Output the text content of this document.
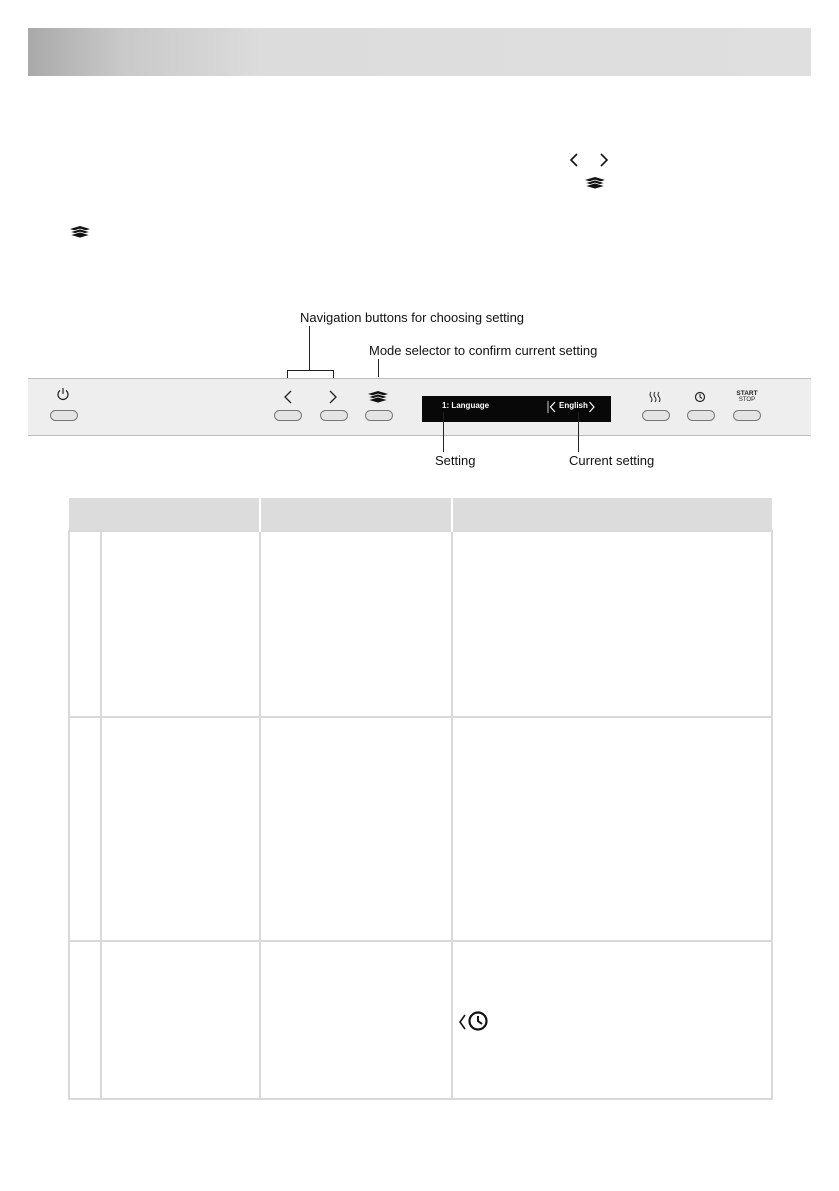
Navigation buttons for choosing setting
Mode selector to confirm current setting
START
STOP
1: Language	English
Setting	Current setting
